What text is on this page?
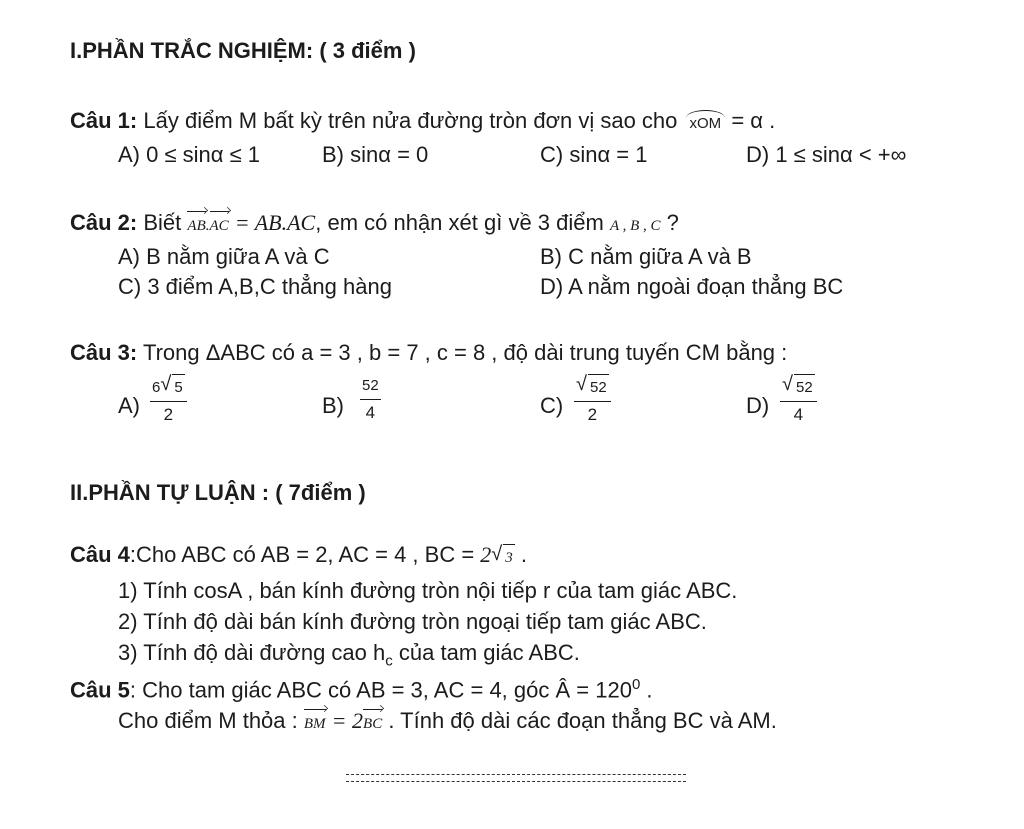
I.PHẦN TRẮC NGHIỆM: ( 3 điểm )
Câu 1: Lấy điểm M bất kỳ trên nửa đường tròn đơn vị sao cho xOM = α .
A) 0 ≤ sinα ≤ 1	B) sinα = 0	C) sinα = 1	D) 1 ≤ sinα < +∞
Câu 2: Biết AB.AC = AB.AC, em có nhận xét gì về 3 điểm A , B , C ?
A) B nằm giữa A và C	B) C nằm giữa A và B
C) 3 điểm A,B,C thẳng hàng	D) A nằm ngoài đoạn thẳng BC
Câu 3: Trong ΔABC có a = 3 , b = 7 , c = 8 , độ dài trung tuyến CM bằng :
$A) \frac{6 √ 5}{2}$	$B) \frac{52}{4}$	C) √ $\frac{52}{2}$	D) √ $\frac{52}{4}$
II.PHẦN TỰ LUẬN : ( 7điểm )
Câu 4:Cho ABC có AB = 2, AC = 4 , BC = 2 √ 3 .
1) Tính cosA , bán kính đường tròn nội tiếp r của tam giác ABC.
2) Tính độ dài bán kính đường tròn ngoại tiếp tam giác ABC.
3) Tính độ dài đường cao $h_c$ của tam giác ABC.
Câu 5: Cho tam giác ABC có AB = 3, AC = 4, góc Â = $120^0$ .
Cho điểm M thỏa : BM = 2BC . Tính độ dài các đoạn thẳng BC và AM.
